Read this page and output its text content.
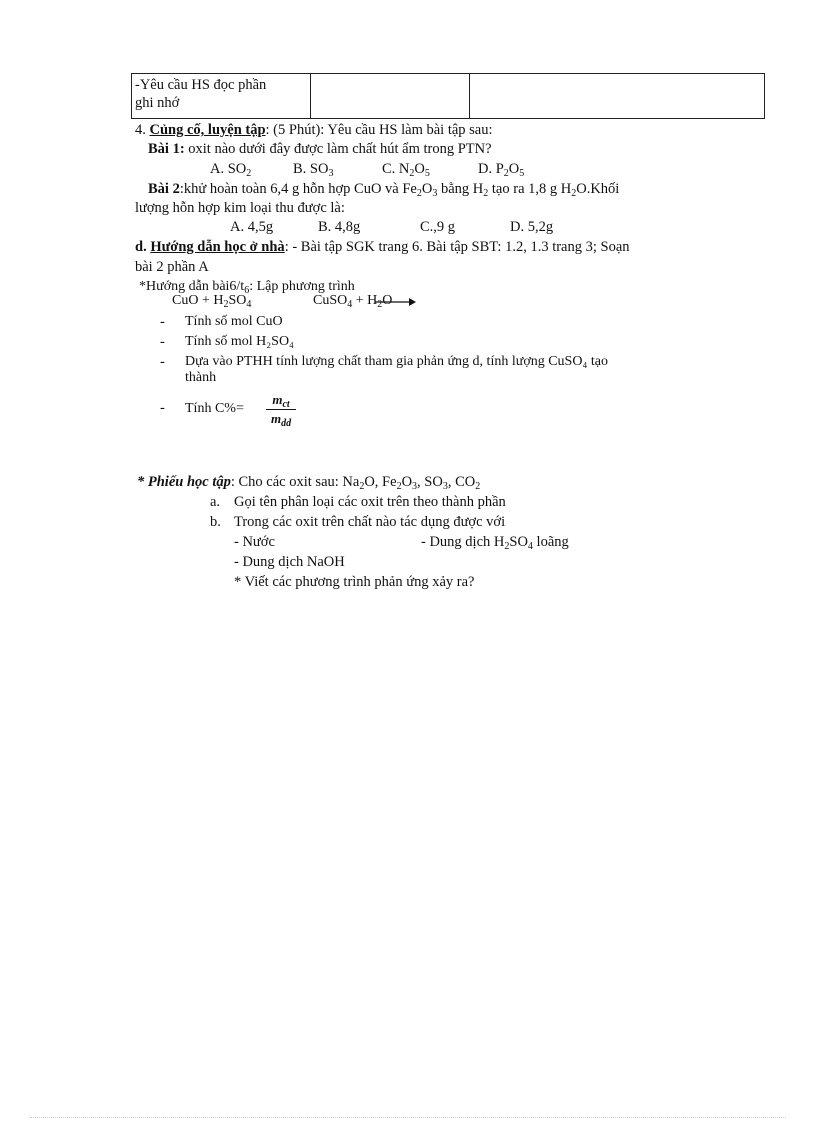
-Yêu cầu HS đọc phần
ghi nhớ		
4. Củng cố, luyện tập: (5 Phút): Yêu cầu HS làm bài tập sau:
Bài 1: oxit nào dưới đây được làm chất hút ẩm trong PTN?
A. $SO_2$	B. $SO_3$	C. $N_2O_5$	D. $P_2O_5$
Bài 2:khử hoàn toàn 6,4 g hỗn hợp CuO và $Fe_2O_3$ bằng $H_2$ tạo ra 1,8 g $H_2O.Khối$
lượng hỗn hợp kim loại thu được là:
A. 4,5g	B. 4,8g	C.,9 g	D. 5,2g
d. Hướng dẫn học ở nhà: - Bài tập SGK trang 6. Bài tập SBT: 1.2, 1.3 trang 3; Soạn
bài 2 phần A
*Hướng dẫn $bài6/t_6$: Lập phương trình
CuO + $H_2SO_4$	CuSO$_4$ + $H_2O$
- Tính số mol CuO
- Tính số mol H₂SO₄
- Dựa vào PTHH tính lượng chất tham gia phản ứng d, tính lượng CuSO₄ tạo
thành
- Tính C%=
$m_{ct}$
$m_{dd}$
* Phiếu học tập: Cho các oxit sau: $Na_2O$, $Fe_2O_3$, $SO_3$, $CO_2$
a. Gọi tên phân loại các oxit trên theo thành phần
b. Trong các oxit trên chất nào tác dụng được với
- Nước	- Dung dịch $H_2SO_4$ loãng
- Dung dịch NaOH
* Viết các phương trình phản ứng xảy ra?
